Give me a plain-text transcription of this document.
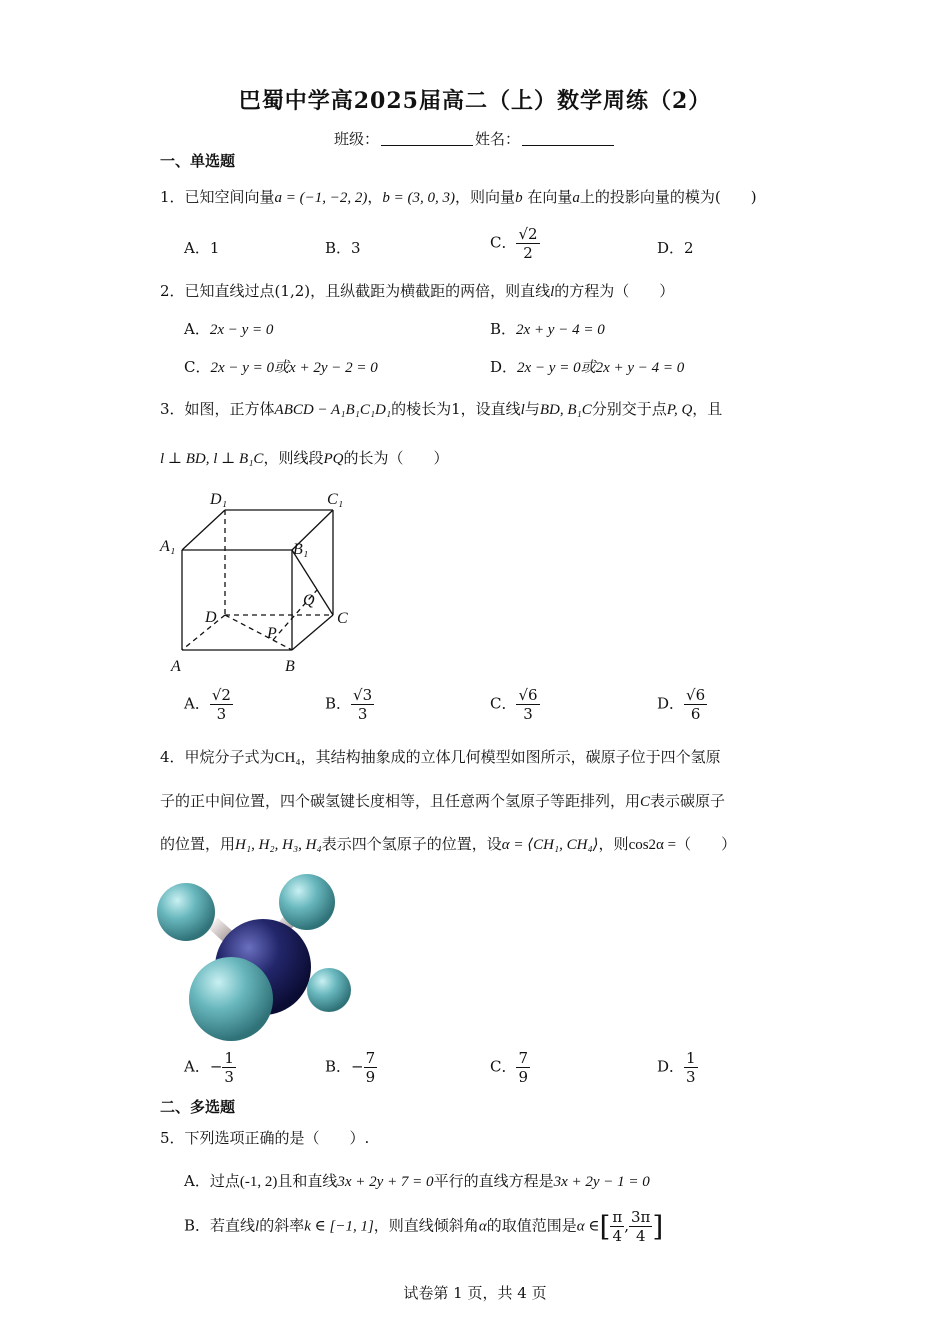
巴蜀中学高2025届高二（上）数学周练（2）
班级：	姓名：
一、单选题
1．已知空间向量a = (−1, −2, 2)，b = (3, 0, 3)，则向量b 在向量a上的投影向量的模为(　　)
A．1	B．3	C． $\frac{√2}{2}$	D．2
2．已知直线过点(1,2)，且纵截距为横截距的两倍，则直线l的方程为（　　）
A．2x − y = 0	B．2x + y − 4 = 0
C．2x − y = 0或x + 2y − 2 = 0	D．2x − y = 0或2x + y − 4 = 0
3．如图，正方体ABCD − A₁B₁C₁D₁的棱长为1，设直线l与BD, B₁C分别交于点P, Q，且
l ⊥ BD, l ⊥ B₁C，则线段PQ的长为（　　）
D₁	C₁
A₁	B₁
Q
D	C
P
A	B
A． $\frac{√2}{3}$	B． $\frac{√3}{3}$	C． $\frac{√6}{3}$	D． $\frac{√6}{6}$
4．甲烷分子式为CH₄，其结构抽象成的立体几何模型如图所示，碳原子位于四个氢原
子的正中间位置，四个碳氢键长度相等，且任意两个氢原子等距排列，用C表示碳原子
的位置，用H₁, H₂, H₃, H₄表示四个氢原子的位置，设α = ⟨CH₁, CH₄⟩，则cos2α =（　　）
A．− $\frac{1}{3}$	B．− $\frac{7}{9}$	C． $\frac{7}{9}$	D． $\frac{1}{3}$
二、多选题
5．下列选项正确的是（　　）.
A．过点(-1, 2)且和直线3x + 2y + 7 = 0平行的直线方程是3x + 2y − 1 = 0
B．若直线l的斜率k ∈ [−1, 1]，则直线倾斜角α的取值范围是α ∈[ $\frac{\pi}{4}$ , $\frac{3\pi}{4}$ ]
试卷第 1 页，共 4 页
